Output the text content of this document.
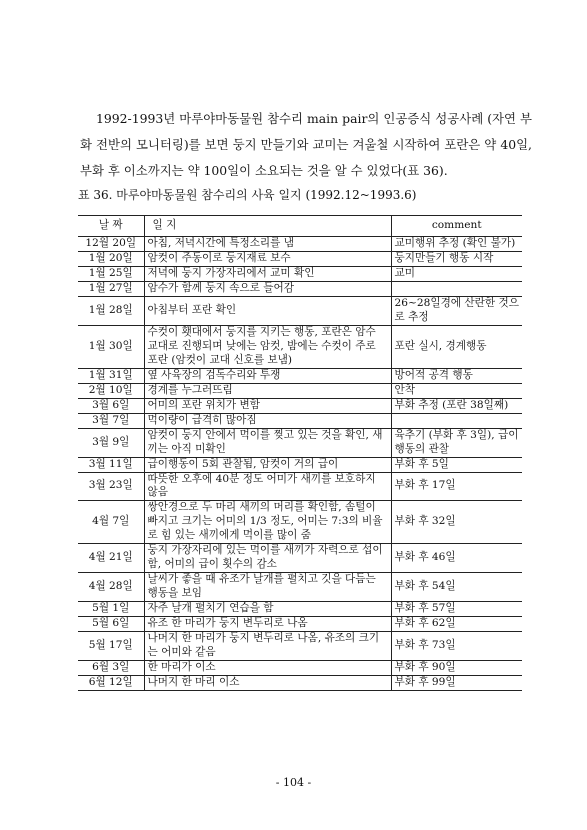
1992-1993년 마루야마동물원 참수리 main pair의 인공증식 성공사례 (자연 부화 전반의 모니터링)를 보면 둥지 만들기와 교미는 겨울철 시작하여 포란은 약 40일, 부화 후 이소까지는 약 100일이 소요되는 것을 알 수 있었다(표 36).

표 36. 마루야마동물원 참수리의 사육 일지 (1992.12~1993.6)
날 짜	일 지	comment
12월 20일	아침, 저녁시간에 특정소리를 냄	교미행위 추정 (확인 불가)
1월 20일	암컷이 주동이로 둥지재료 보수	둥지만들기 행동 시작
1월 25일	저녁에 둥지 가장자리에서 교미 확인	교미
1월 27일	암수가 함께 둥지 속으로 들어감	
1월 28일	아침부터 포란 확인	26~28일경에 산란한 것으로 추정
1월 30일	수컷이 횃대에서 둥지를 지키는 행동, 포란은 암수 교대로 진행되며 낮에는 암컷, 밤에는 수컷이 주로 포란 (암컷이 교대 신호를 보냄)	포란 실시, 경계행동
1월 31일	옆 사육장의 검독수리와 투쟁	방어적 공격 행동
2월 10일	경계를 누그러뜨림	안착
3월 6일	어미의 포란 위치가 변함	부화 추정 (포란 38일째)
3월 7일	먹이량이 급격히 많아짐	
3월 9일	암컷이 둥지 안에서 먹이를 찢고 있는 것을 확인, 새끼는 아직 미확인	육추기 (부화 후 3일), 급이 행동의 관찰
3월 11일	급이행동이 5회 관찰됨, 암컷이 거의 급이	부화 후 5일
3월 23일	따뜻한 오후에 40분 정도 어미가 새끼를 보호하지 않음	부화 후 17일
4월 7일	쌍안경으로 두 마리 새끼의 머리를 확인함, 솜털이 빠지고 크기는 어미의 1/3 정도, 어미는 7:3의 비율로 힘 있는 새끼에게 먹이를 많이 줌	부화 후 32일
4월 21일	둥지 가장자리에 있는 먹이를 새끼가 자력으로 섭이함, 어미의 급이 횟수의 감소	부화 후 46일
4월 28일	날씨가 좋을 때 유조가 날개를 펼치고 깃을 다듬는 행동을 보임	부화 후 54일
5월 1일	자주 날개 펼치기 연습을 함	부화 후 57일
5월 6일	유조 한 마리가 둥지 변두리로 나옴	부화 후 62일
5월 17일	나머지 한 마리가 둥지 변두리로 나옴, 유조의 크기는 어미와 같음	부화 후 73일
6월 3일	한 마리가 이소	부화 후 90일
6월 12일	나머지 한 마리 이소	부화 후 99일
- 104 -
